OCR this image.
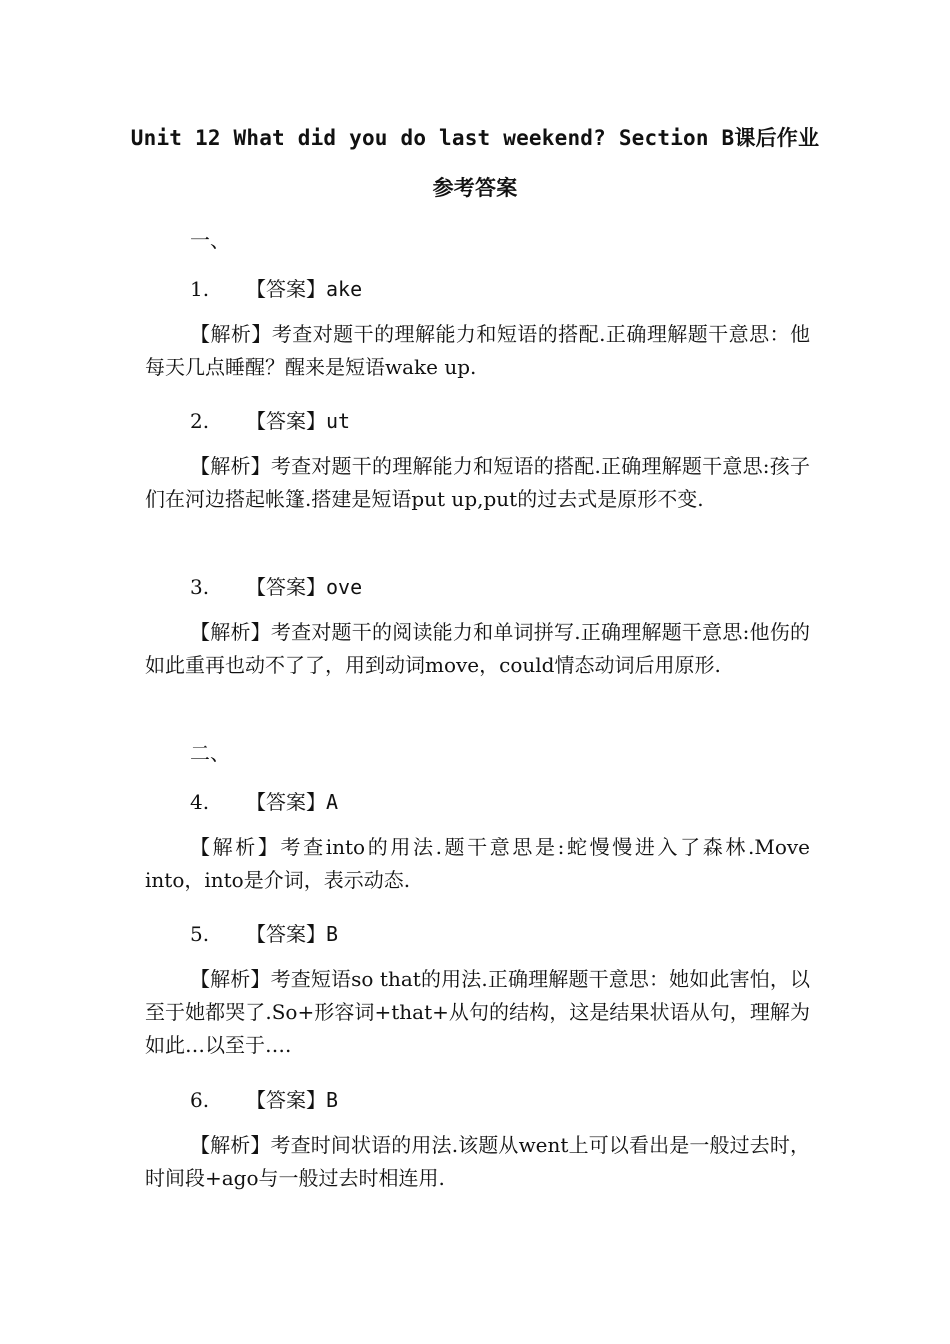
Unit 12 What did you do last weekend? Section B课后作业
参考答案
一、
1. 【答案】ake
【解析】考查对题干的理解能力和短语的搭配.正确理解题干意思：他每天几点睡醒？醒来是短语wake up.
2. 【答案】ut
【解析】考查对题干的理解能力和短语的搭配.正确理解题干意思:孩子们在河边搭起帐篷.搭建是短语put up,put的过去式是原形不变.
3. 【答案】ove
【解析】考查对题干的阅读能力和单词拼写.正确理解题干意思:他伤的如此重再也动不了了，用到动词move，could情态动词后用原形.
二、
4. 【答案】A
【解析】考查into的用法.题干意思是:蛇慢慢进入了森林.Move into，into是介词，表示动态.
5. 【答案】B
【解析】考查短语so that的用法.正确理解题干意思：她如此害怕，以至于她都哭了.So+形容词+that+从句的结构，这是结果状语从句，理解为如此…以至于….
6. 【答案】B
【解析】考查时间状语的用法.该题从went上可以看出是一般过去时，时间段+ago与一般过去时相连用.
